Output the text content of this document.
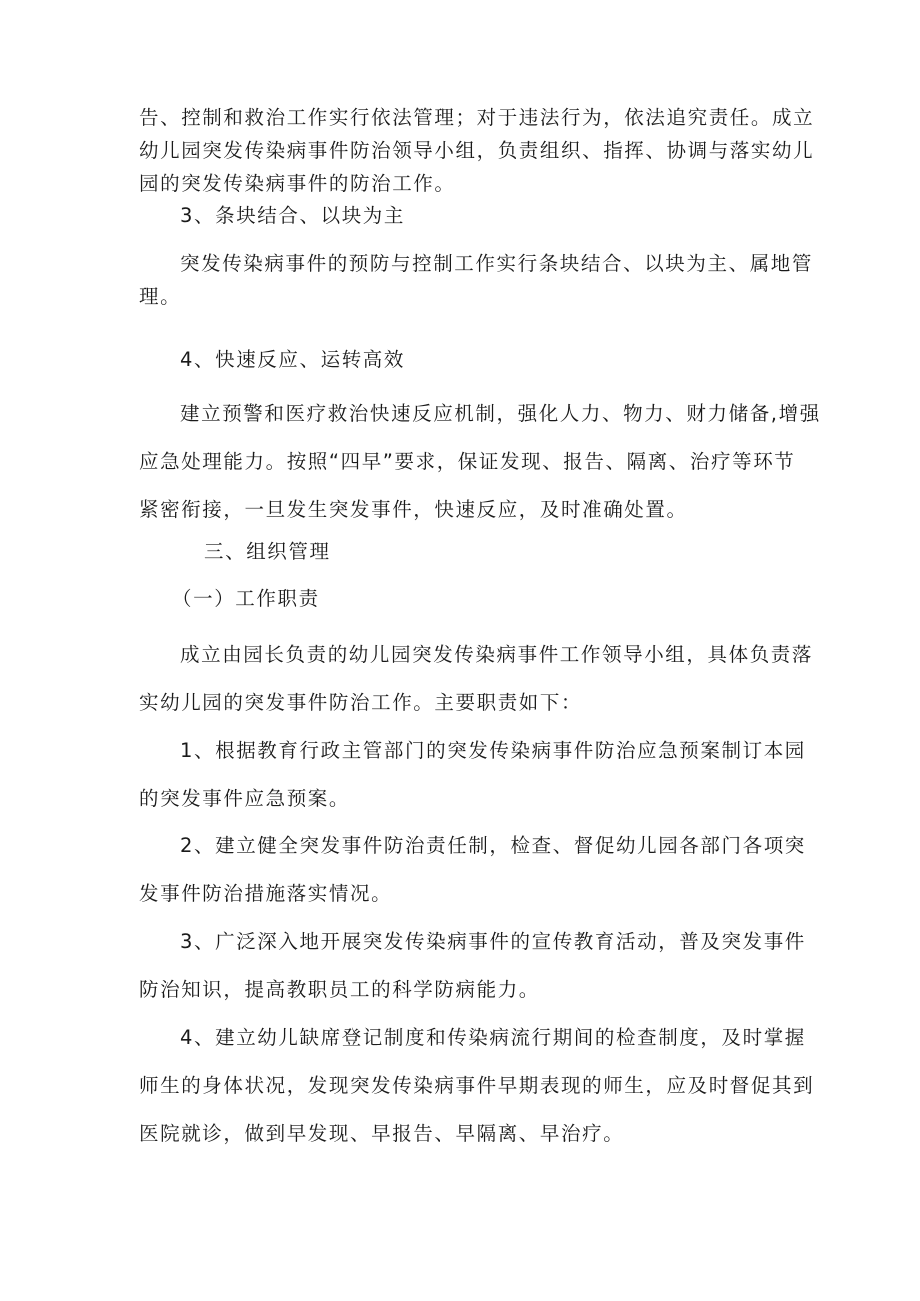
告、控制和救治工作实行依法管理；对于违法行为，依法追究责任。成立
幼儿园突发传染病事件防治领导小组，负责组织、指挥、协调与落实幼儿
园的突发传染病事件的防治工作。
3、条块结合、以块为主
突发传染病事件的预防与控制工作实行条块结合、以块为主、属地管
理。
4、快速反应、运转高效
建立预警和医疗救治快速反应机制，强化人力、物力、财力储备,增强
应急处理能力。按照“四早”要求，保证发现、报告、隔离、治疗等环节
紧密衔接，一旦发生突发事件，快速反应，及时准确处置。
三、组织管理
（一）工作职责
成立由园长负责的幼儿园突发传染病事件工作领导小组，具体负责落
实幼儿园的突发事件防治工作。主要职责如下：
1、根据教育行政主管部门的突发传染病事件防治应急预案制订本园
的突发事件应急预案。
2、建立健全突发事件防治责任制，检查、督促幼儿园各部门各项突
发事件防治措施落实情况。
3、广泛深入地开展突发传染病事件的宣传教育活动，普及突发事件
防治知识，提高教职员工的科学防病能力。
4、建立幼儿缺席登记制度和传染病流行期间的检查制度，及时掌握
师生的身体状况，发现突发传染病事件早期表现的师生，应及时督促其到
医院就诊，做到早发现、早报告、早隔离、早治疗。
